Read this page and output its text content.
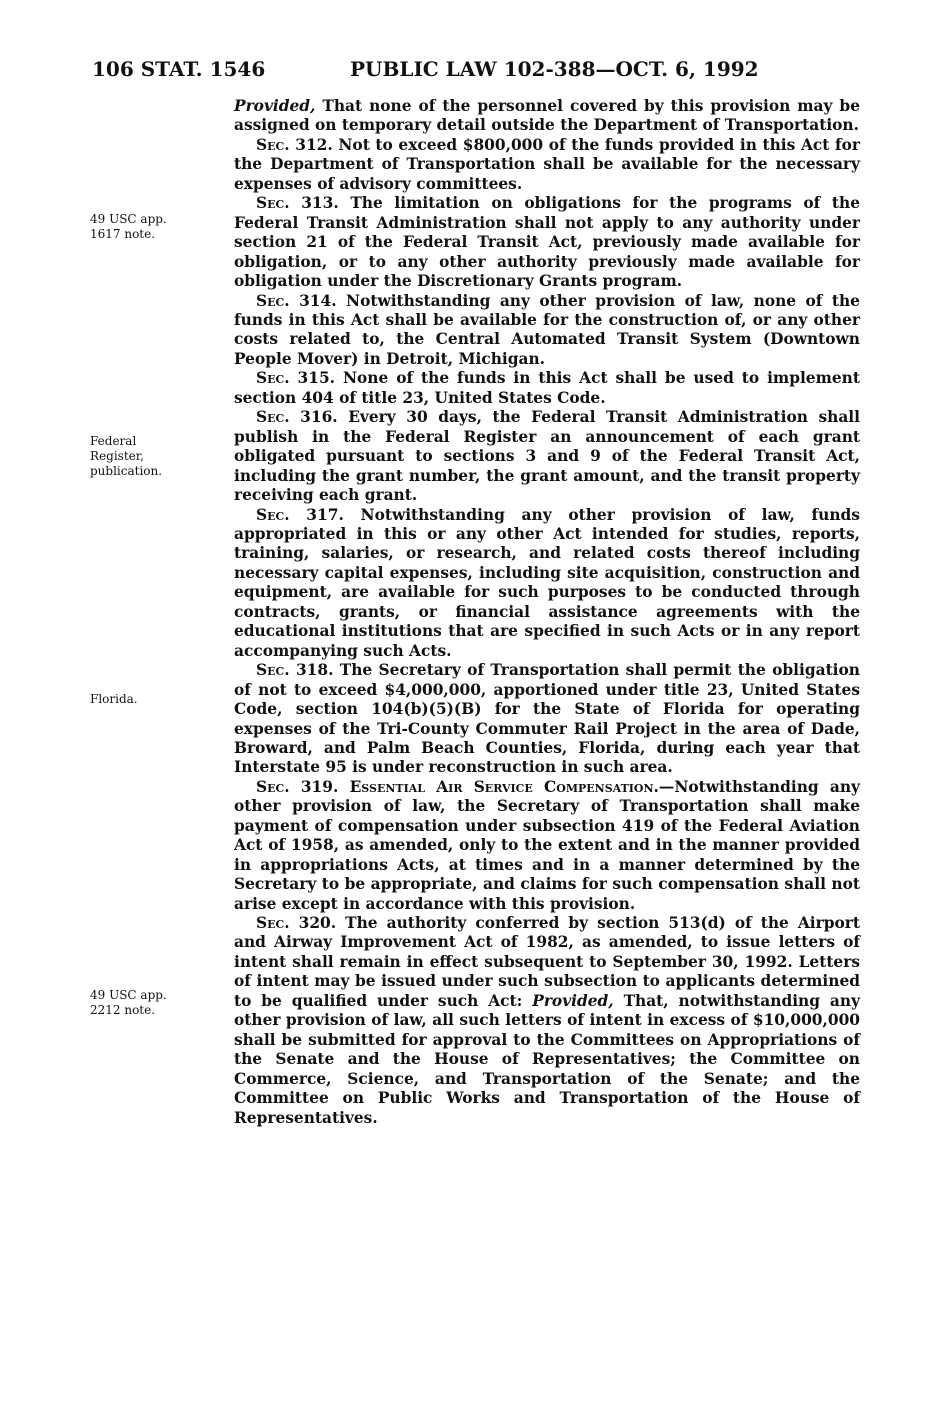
106 STAT. 1546	PUBLIC LAW 102-388—OCT. 6, 1992
49 USC app.
1617 note.
Federal
Register,
publication.
Florida.
49 USC app.
2212 note.

Provided, That none of the personnel covered by this provision may be assigned on temporary detail outside the Department of Transportation.

Sec. 312. Not to exceed $800,000 of the funds provided in this Act for the Department of Transportation shall be available for the necessary expenses of advisory committees.

Sec. 313. The limitation on obligations for the programs of the Federal Transit Administration shall not apply to any authority under section 21 of the Federal Transit Act, previously made available for obligation, or to any other authority previously made available for obligation under the Discretionary Grants program.

Sec. 314. Notwithstanding any other provision of law, none of the funds in this Act shall be available for the construction of, or any other costs related to, the Central Automated Transit System (Downtown People Mover) in Detroit, Michigan.

Sec. 315. None of the funds in this Act shall be used to implement section 404 of title 23, United States Code.

Sec. 316. Every 30 days, the Federal Transit Administration shall publish in the Federal Register an announcement of each grant obligated pursuant to sections 3 and 9 of the Federal Transit Act, including the grant number, the grant amount, and the transit property receiving each grant.

Sec. 317. Notwithstanding any other provision of law, funds appropriated in this or any other Act intended for studies, reports, training, salaries, or research, and related costs thereof including necessary capital expenses, including site acquisition, construction and equipment, are available for such purposes to be conducted through contracts, grants, or financial assistance agreements with the educational institutions that are specified in such Acts or in any report accompanying such Acts.

Sec. 318. The Secretary of Transportation shall permit the obligation of not to exceed $4,000,000, apportioned under title 23, United States Code, section 104(b)(5)(B) for the State of Florida for operating expenses of the Tri-County Commuter Rail Project in the area of Dade, Broward, and Palm Beach Counties, Florida, during each year that Interstate 95 is under reconstruction in such area.

Sec. 319. Essential Air Service Compensation.—Notwithstanding any other provision of law, the Secretary of Transportation shall make payment of compensation under subsection 419 of the Federal Aviation Act of 1958, as amended, only to the extent and in the manner provided in appropriations Acts, at times and in a manner determined by the Secretary to be appropriate, and claims for such compensation shall not arise except in accordance with this provision.

Sec. 320. The authority conferred by section 513(d) of the Airport and Airway Improvement Act of 1982, as amended, to issue letters of intent shall remain in effect subsequent to September 30, 1992. Letters of intent may be issued under such subsection to applicants determined to be qualified under such Act: Provided, That, notwithstanding any other provision of law, all such letters of intent in excess of $10,000,000 shall be submitted for approval to the Committees on Appropriations of the Senate and the House of Representatives; the Committee on Commerce, Science, and Transportation of the Senate; and the Committee on Public Works and Transportation of the House of Representatives.
